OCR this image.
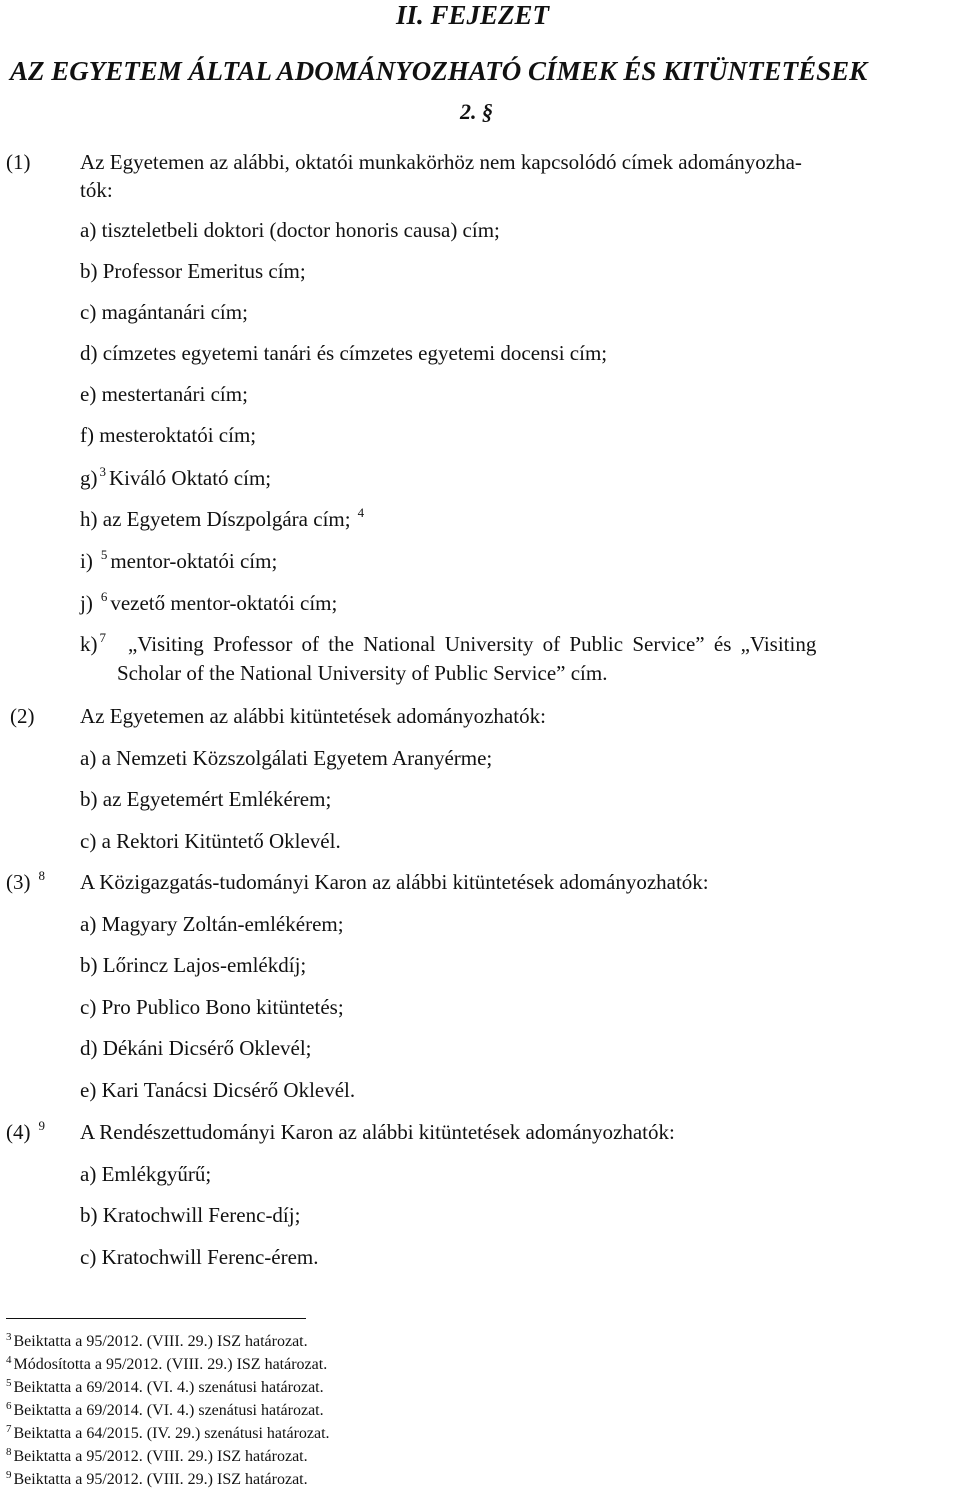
II. FEJEZET
AZ EGYETEM ÁLTAL ADOMÁNYOZHATÓ CÍMEK ÉS KITÜNTETÉSEK
2. §
(1) Az Egyetemen az alábbi, oktatói munkakörhöz nem kapcsolódó címek adományozha-
tók:
a) tiszteletbeli doktori (doctor honoris causa) cím;
b) Professor Emeritus cím;
c) magántanári cím;
d) címzetes egyetemi tanári és címzetes egyetemi docensi cím;
e) mestertanári cím;
f) mesteroktatói cím;
g) $^3$ Kiváló Oktató cím;
h) az Egyetem Díszpolgára cím; $^4$
i) $^5$ mentor-oktatói cím;
j) $^6$ vezető mentor-oktatói cím;
k) $^7$ „Visiting Professor of the National University of Public Service” és „Visiting
Scholar of the National University of Public Service” cím.
(2) Az Egyetemen az alábbi kitüntetések adományozhatók:
a) a Nemzeti Közszolgálati Egyetem Aranyérme;
b) az Egyetemért Emlékérem;
c) a Rektori Kitüntető Oklevél.
(3) $^8$ A Közigazgatás-tudományi Karon az alábbi kitüntetések adományozhatók:
a) Magyary Zoltán-emlékérem;
b) Lőrincz Lajos-emlékdíj;
c) Pro Publico Bono kitüntetés;
d) Dékáni Dicsérő Oklevél;
e) Kari Tanácsi Dicsérő Oklevél.
(4) $^9$ A Rendészettudományi Karon az alábbi kitüntetések adományozhatók:
a) Emlékgyűrű;
b) Kratochwill Ferenc-díj;
c) Kratochwill Ferenc-érem.
$^3$ Beiktatta a 95/2012. (VIII. 29.) ISZ határozat.
$^4$ Módosította a 95/2012. (VIII. 29.) ISZ határozat.
$^5$ Beiktatta a 69/2014. (VI. 4.) szenátusi határozat.
$^6$ Beiktatta a 69/2014. (VI. 4.) szenátusi határozat.
$^7$ Beiktatta a 64/2015. (IV. 29.) szenátusi határozat.
$^8$ Beiktatta a 95/2012. (VIII. 29.) ISZ határozat.
$^9$ Beiktatta a 95/2012. (VIII. 29.) ISZ határozat.
